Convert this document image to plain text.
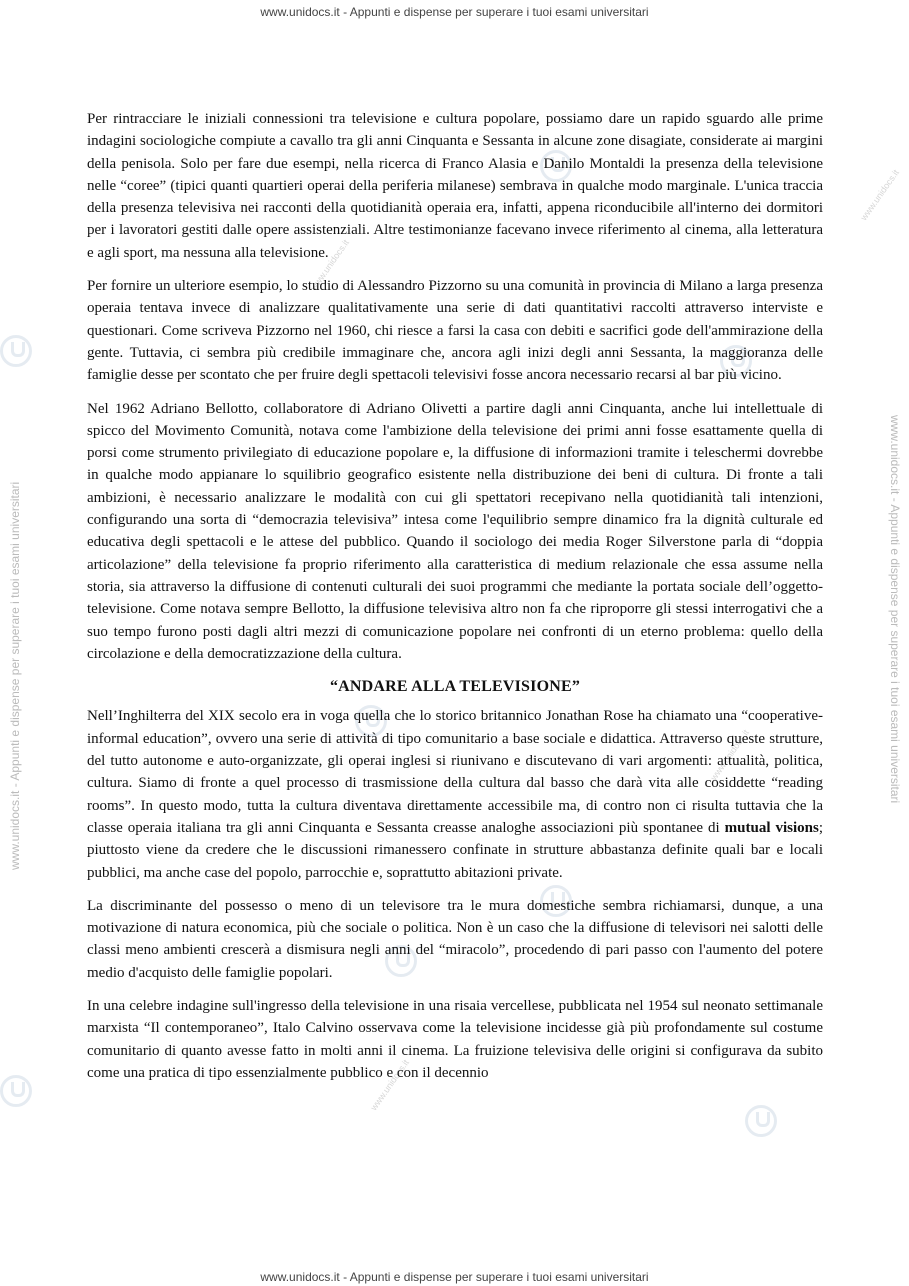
www.unidocs.it
www.unidocs.it
www.unidocs.it
www.unidocs.it
www.unidocs.it - Appunti e dispense per superare i tuoi esami universitari
www.unidocs.it - Appunti e dispense per superare i tuoi esami universitari
www.unidocs.it - Appunti e dispense per superare i tuoi esami universitari	www.unidocs.it - Appunti e dispense per superare i tuoi esami universitari

Per rintracciare le iniziali connessioni tra televisione e cultura popolare, possiamo dare un rapido sguardo alle prime indagini sociologiche compiute a cavallo tra gli anni Cinquanta e Sessanta in alcune zone disagiate, considerate ai margini della penisola. Solo per fare due esempi, nella ricerca di Franco Alasia e Danilo Montaldi la presenza della televisione nelle “coree” (tipici quanti quartieri operai della periferia milanese) sembrava in qualche modo marginale. L'unica traccia della presenza televisiva nei racconti della quotidianità operaia era, infatti, appena riconducibile all'interno dei dormitori per i lavoratori gestiti dalle opere assistenziali. Altre testimonianze facevano invece riferimento al cinema, alla letteratura e agli sport, ma nessuna alla televisione.

Per fornire un ulteriore esempio, lo studio di Alessandro Pizzorno su una comunità in provincia di Milano a larga presenza operaia tentava invece di analizzare qualitativamente una serie di dati quantitativi raccolti attraverso interviste e questionari. Come scriveva Pizzorno nel 1960, chi riesce a farsi la casa con debiti e sacrifici gode dell'ammirazione della gente. Tuttavia, ci sembra più credibile immaginare che, ancora agli inizi degli anni Sessanta, la maggioranza delle famiglie desse per scontato che per fruire degli spettacoli televisivi fosse ancora necessario recarsi al bar più vicino.

Nel 1962 Adriano Bellotto, collaboratore di Adriano Olivetti a partire dagli anni Cinquanta, anche lui intellettuale di spicco del Movimento Comunità, notava come l'ambizione della televisione dei primi anni fosse esattamente quella di porsi come strumento privilegiato di educazione popolare e, la diffusione di informazioni tramite i teleschermi dovrebbe in qualche modo appianare lo squilibrio geografico esistente nella distribuzione dei beni di cultura. Di fronte a tali ambizioni, è necessario analizzare le modalità con cui gli spettatori recepivano nella quotidianità tali intenzioni, configurando una sorta di “democrazia televisiva” intesa come l'equilibrio sempre dinamico fra la dignità culturale ed educativa degli spettacoli e le attese del pubblico. Quando il sociologo dei media Roger Silverstone parla di “doppia articolazione” della televisione fa proprio riferimento alla caratteristica di medium relazionale che essa assume nella storia, sia attraverso la diffusione di contenuti culturali dei suoi programmi che mediante la portata sociale dell’oggetto-televisione. Come notava sempre Bellotto, la diffusione televisiva altro non fa che riproporre gli stessi interrogativi che a suo tempo furono posti dagli altri mezzi di comunicazione popolare nei confronti di un eterno problema: quello della circolazione e della democratizzazione della cultura.

“ANDARE ALLA TELEVISIONE”

Nell’Inghilterra del XIX secolo era in voga quella che lo storico britannico Jonathan Rose ha chiamato una “cooperative-informal education”, ovvero una serie di attività di tipo comunitario a base sociale e didattica. Attraverso queste strutture, del tutto autonome e auto-organizzate, gli operai inglesi si riunivano e discutevano di vari argomenti: attualità, politica, cultura. Siamo di fronte a quel processo di trasmissione della cultura dal basso che darà vita alle cosiddette “reading rooms”. In questo modo, tutta la cultura diventava direttamente accessibile ma, di contro non ci risulta tuttavia che la classe operaia italiana tra gli anni Cinquanta e Sessanta creasse analoghe associazioni più spontanee di mutual visions; piuttosto viene da credere che le discussioni rimanessero confinate in strutture abbastanza definite quali bar e locali pubblici, ma anche case del popolo, parrocchie e, soprattutto abitazioni private.

La discriminante del possesso o meno di un televisore tra le mura domestiche sembra richiamarsi, dunque, a una motivazione di natura economica, più che sociale o politica. Non è un caso che la diffusione di televisori nei salotti delle classi meno ambienti crescerà a dismisura negli anni del “miracolo”, procedendo di pari passo con l'aumento del potere medio d'acquisto delle famiglie popolari.

In una celebre indagine sull'ingresso della televisione in una risaia vercellese, pubblicata nel 1954 sul neonato settimanale marxista “Il contemporaneo”, Italo Calvino osservava come la televisione incidesse già più profondamente sul costume comunitario di quanto avesse fatto in molti anni il cinema. La fruizione televisiva delle origini si configurava da subito come una pratica di tipo essenzialmente pubblico e con il decennio
